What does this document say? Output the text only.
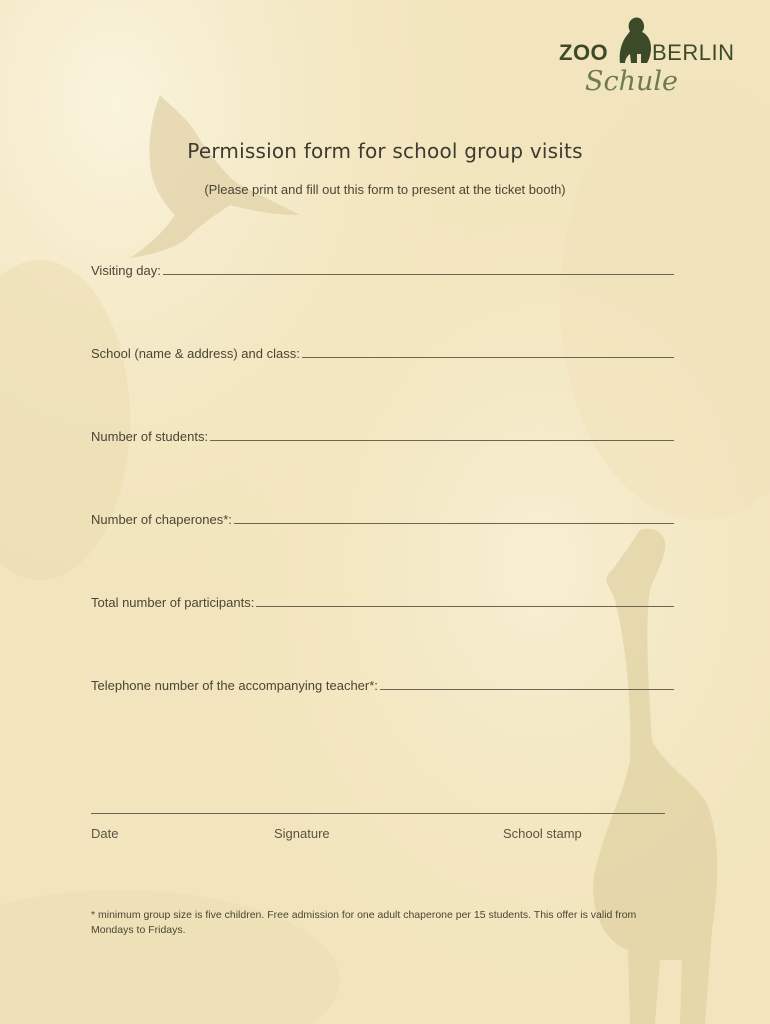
ZOO BERLIN
Schule
Permission form for school group visits
(Please print and fill out this form to present at the ticket booth)
Visiting day:
School (name & address) and class:
Number of students:
Number of chaperones*:
Total number of participants:
Telephone number of the accompanying teacher*:
Date	Signature	School stamp
* minimum group size is five children. Free admission for one adult chaperone per 15 students. This offer is valid from Mondays to Fridays.
